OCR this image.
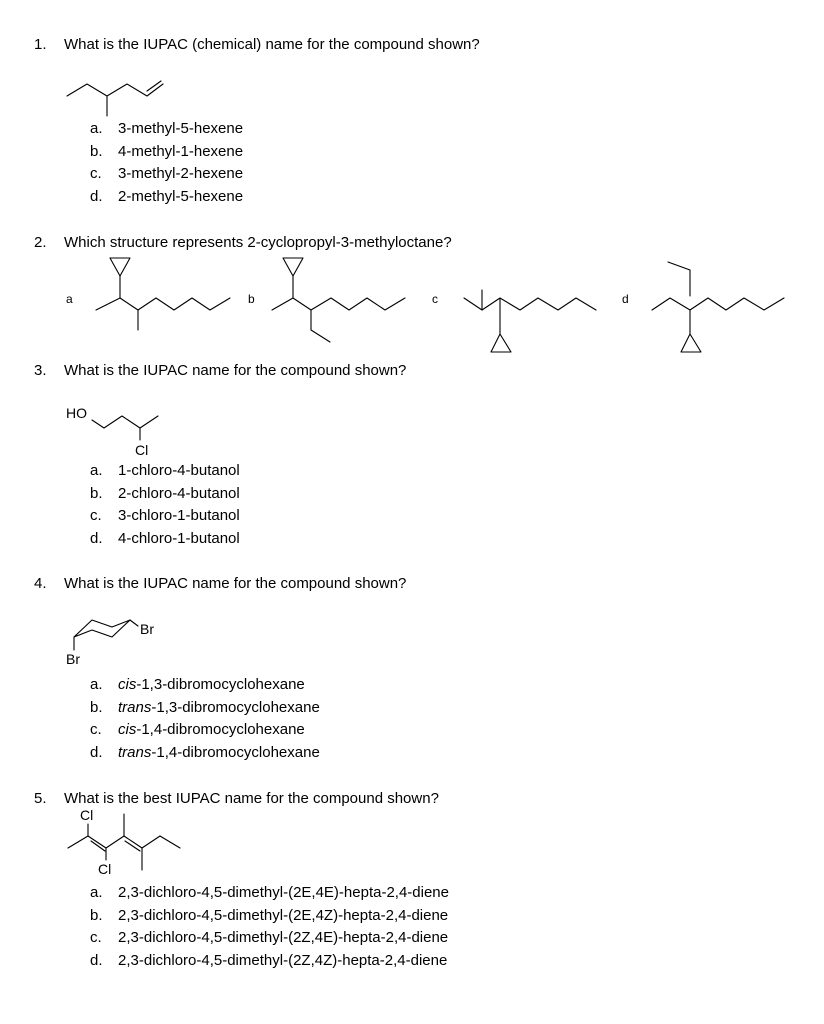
1. What is the IUPAC (chemical) name for the compound shown?
a. 3-methyl-5-hexene
b. 4-methyl-1-hexene
c. 3-methyl-2-hexene
d. 2-methyl-5-hexene
2. Which structure represents 2-cyclopropyl-3-methyloctane?
a	b	c	d
3. What is the IUPAC name for the compound shown?
HO
Cl
a. 1-chloro-4-butanol
b. 2-chloro-4-butanol
c. 3-chloro-1-butanol
d. 4-chloro-1-butanol
4. What is the IUPAC name for the compound shown?
Br
Br
a. cis-1,3-dibromocyclohexane
b. trans-1,3-dibromocyclohexane
c. cis-1,4-dibromocyclohexane
d. trans-1,4-dibromocyclohexane
5. What is the best IUPAC name for the compound shown?
Cl
Cl
a. 2,3-dichloro-4,5-dimethyl-(2E,4E)-hepta-2,4-diene
b. 2,3-dichloro-4,5-dimethyl-(2E,4Z)-hepta-2,4-diene
c. 2,3-dichloro-4,5-dimethyl-(2Z,4E)-hepta-2,4-diene
d. 2,3-dichloro-4,5-dimethyl-(2Z,4Z)-hepta-2,4-diene
